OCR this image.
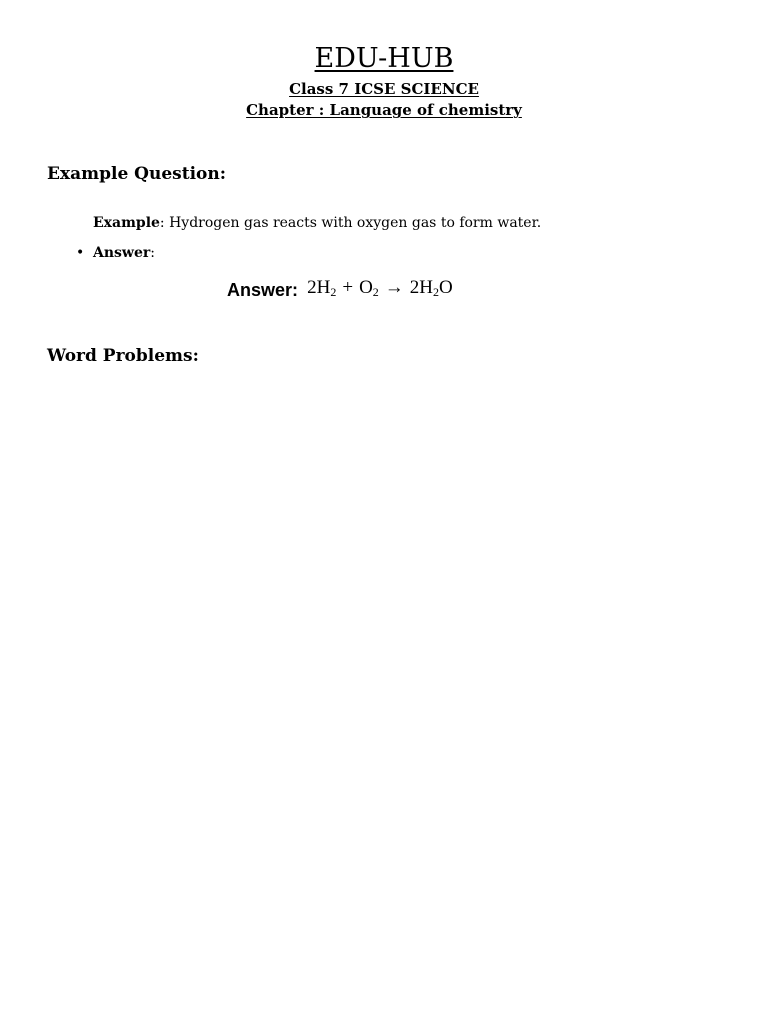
EDU-HUB
Class 7 ICSE SCIENCE
Chapter : Language of chemistry
Example Question:
Example: Hydrogen gas reacts with oxygen gas to form water.
• Answer:
Answer: $2H_2 + O_2 \to 2H_2O$
Word Problems:
